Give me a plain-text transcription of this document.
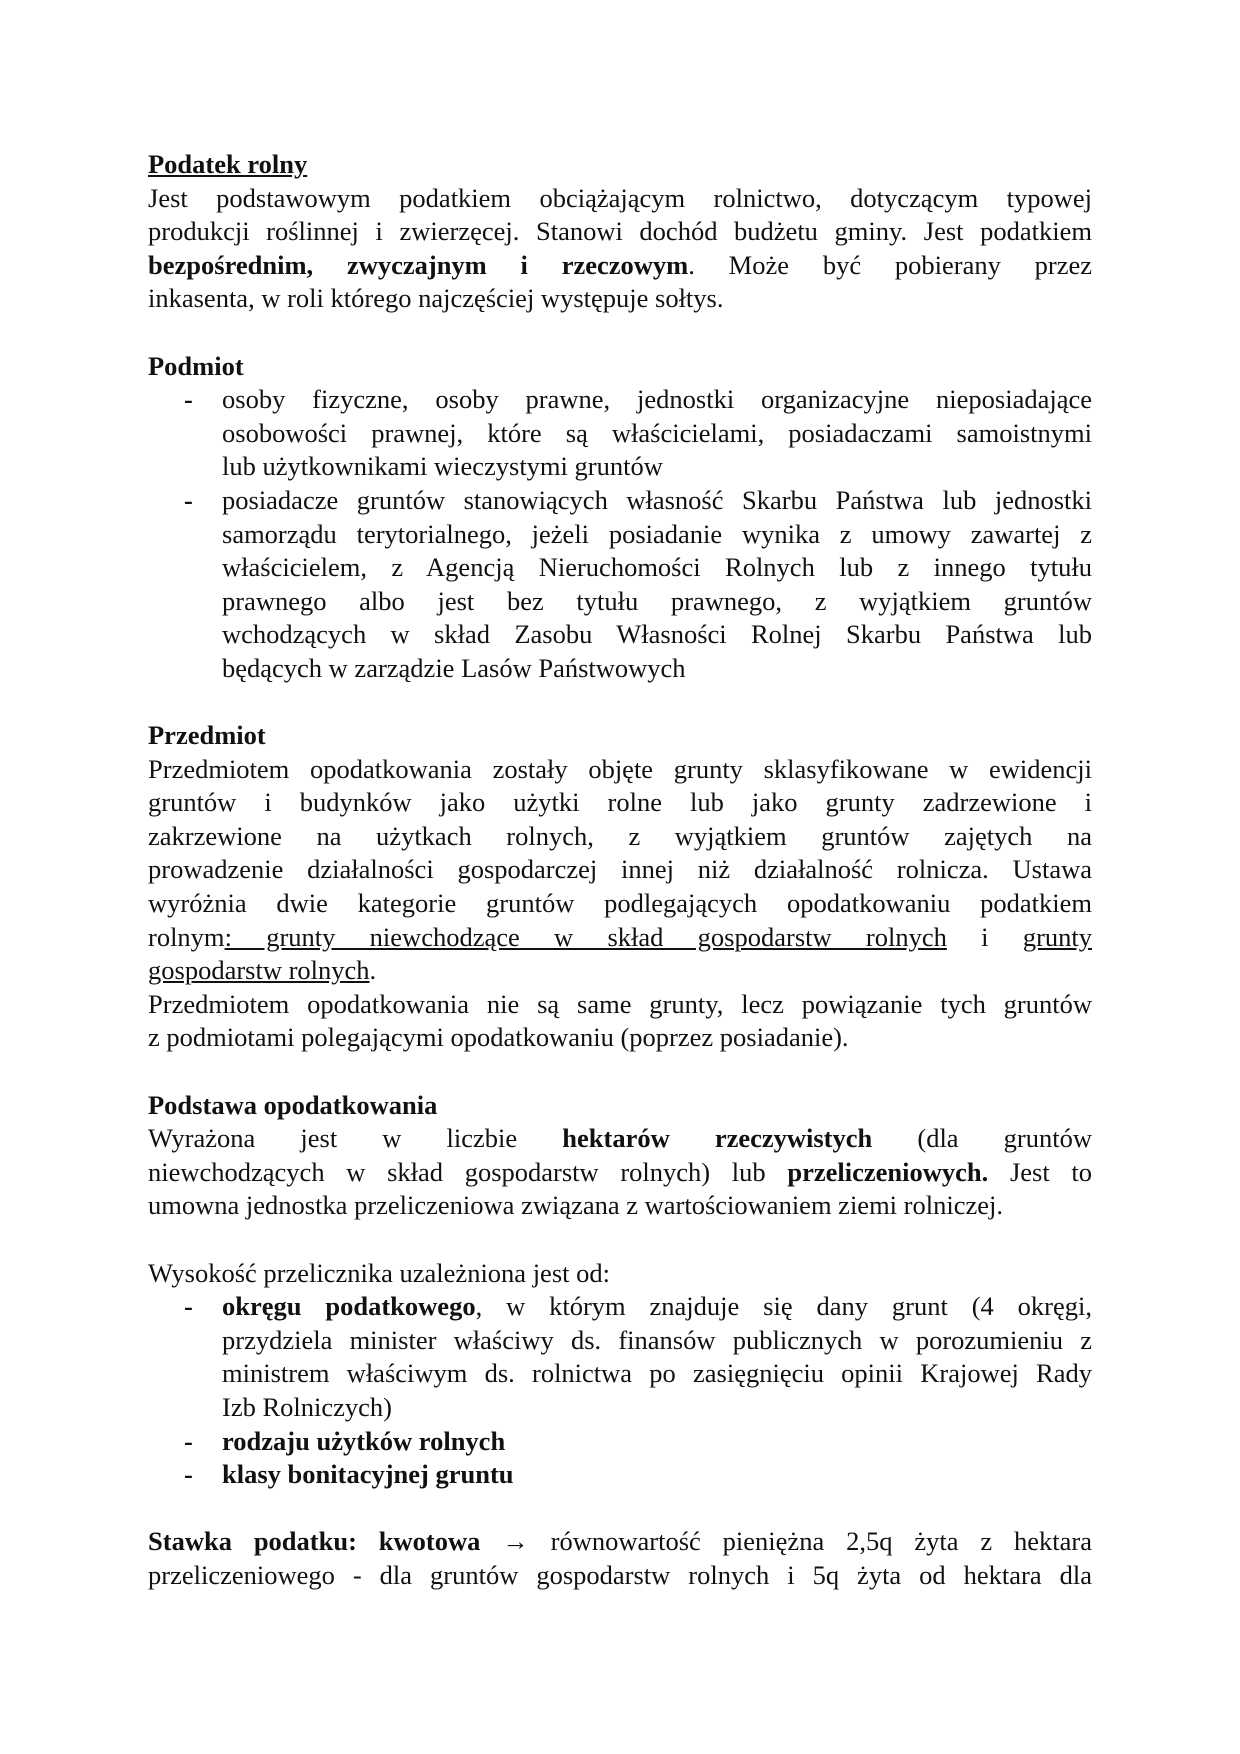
Podatek rolny
Jest podstawowym podatkiem obciążającym rolnictwo, dotyczącym typowej
produkcji roślinnej i zwierzęcej. Stanowi dochód budżetu gminy. Jest podatkiem
bezpośrednim, zwyczajnym i rzeczowym. Może być pobierany przez
inkasenta, w roli którego najczęściej występuje sołtys.
Podmiot
- osoby fizyczne, osoby prawne, jednostki organizacyjne nieposiadające
osobowości prawnej, które są właścicielami, posiadaczami samoistnymi
lub użytkownikami wieczystymi gruntów
- posiadacze gruntów stanowiących własność Skarbu Państwa lub jednostki
samorządu terytorialnego, jeżeli posiadanie wynika z umowy zawartej z
właścicielem, z Agencją Nieruchomości Rolnych lub z innego tytułu
prawnego albo jest bez tytułu prawnego, z wyjątkiem gruntów
wchodzących w skład Zasobu Własności Rolnej Skarbu Państwa lub
będących w zarządzie Lasów Państwowych
Przedmiot
Przedmiotem opodatkowania zostały objęte grunty sklasyfikowane w ewidencji
gruntów i budynków jako użytki rolne lub jako grunty zadrzewione i
zakrzewione na użytkach rolnych, z wyjątkiem gruntów zajętych na
prowadzenie działalności gospodarczej innej niż działalność rolnicza. Ustawa
wyróżnia dwie kategorie gruntów podlegających opodatkowaniu podatkiem
rolnym: grunty niewchodzące w skład gospodarstw rolnych i grunty
gospodarstw rolnych.
Przedmiotem opodatkowania nie są same grunty, lecz powiązanie tych gruntów
z podmiotami polegającymi opodatkowaniu (poprzez posiadanie).
Podstawa opodatkowania
Wyrażona jest w liczbie hektarów rzeczywistych (dla gruntów
niewchodzących w skład gospodarstw rolnych) lub przeliczeniowych. Jest to
umowna jednostka przeliczeniowa związana z wartościowaniem ziemi rolniczej.
Wysokość przelicznika uzależniona jest od:
- okręgu podatkowego, w którym znajduje się dany grunt (4 okręgi,
przydziela minister właściwy ds. finansów publicznych w porozumieniu z
ministrem właściwym ds. rolnictwa po zasięgnięciu opinii Krajowej Rady
Izb Rolniczych)
- rodzaju użytków rolnych
- klasy bonitacyjnej gruntu
Stawka podatku: kwotowa → równowartość pieniężna 2,5q żyta z hektara
przeliczeniowego - dla gruntów gospodarstw rolnych i 5q żyta od hektara dla
